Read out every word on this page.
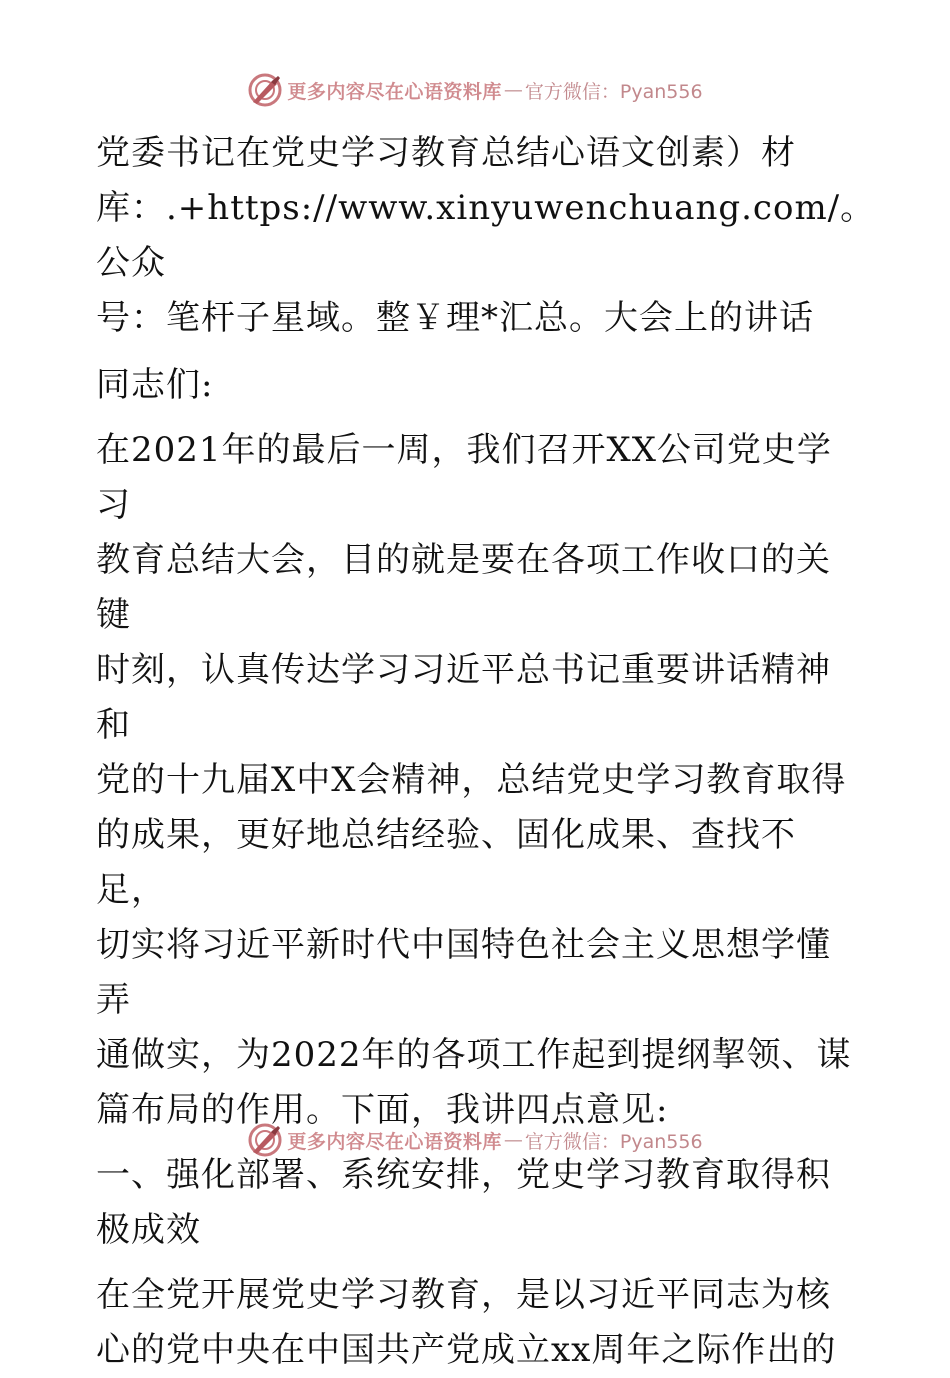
更多内容尽在心语资料库 — 官方微信：Pyan556

党委书记在党史学习教育总结心语文创素）材

库：.+https://www.xinyuwenchuang.com/。公众

号：笔杆子星域。整￥理*汇总。大会上的讲话

同志们:

在2021年的最后一周，我们召开XX公司党史学习

教育总结大会，目的就是要在各项工作收口的关键

时刻，认真传达学习习近平总书记重要讲话精神和

党的十九届X中X会精神，总结党史学习教育取得

的成果，更好地总结经验、固化成果、查找不足，

切实将习近平新时代中国特色社会主义思想学懂弄

通做实，为2022年的各项工作起到提纲挈领、谋

篇布局的作用。下面，我讲四点意见:

一、强化部署、系统安排，党史学习教育取得积

极成效

在全党开展党史学习教育，是以习近平同志为核

心的党中央在中国共产党成立xx周年之际作出的

更多内容尽在心语资料库 — 官方微信：Pyan556
